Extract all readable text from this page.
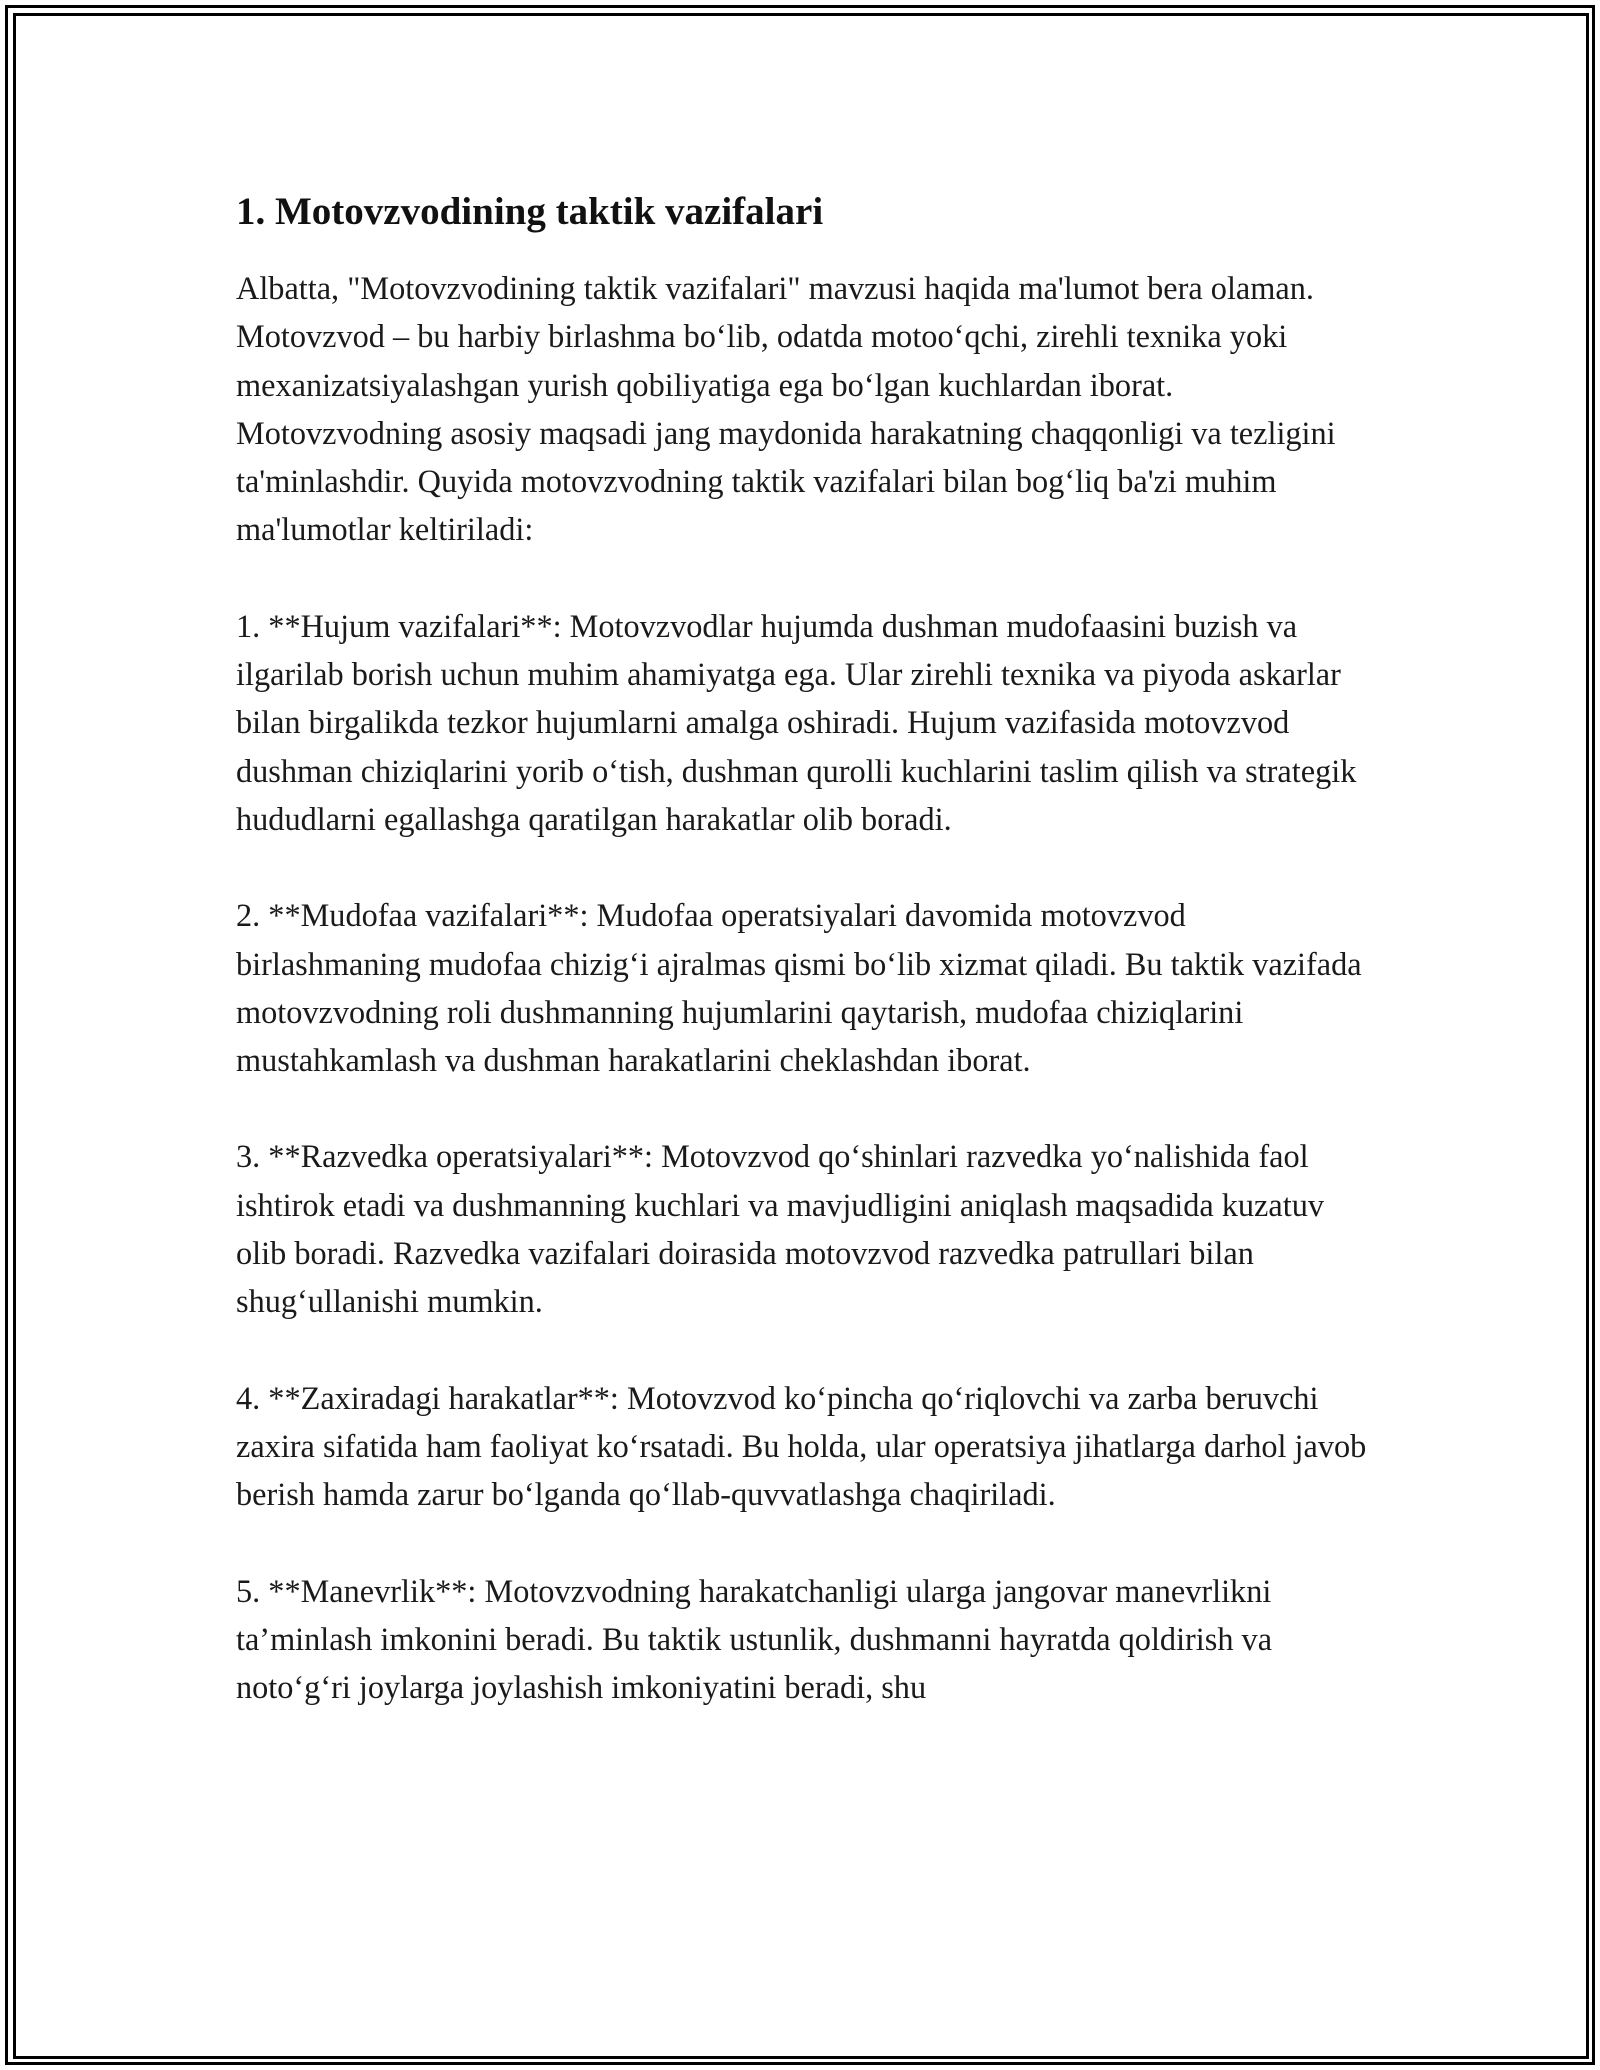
1. Motovzvodining taktik vazifalari

Albatta, "Motovzvodining taktik vazifalari" mavzusi haqida ma'lumot bera olaman. Motovzvod – bu harbiy birlashma bo‘lib, odatda motoo‘qchi, zirehli texnika yoki mexanizatsiyalashgan yurish qobiliyatiga ega bo‘lgan kuchlardan iborat. Motovzvodning asosiy maqsadi jang maydonida harakatning chaqqonligi va tezligini ta'minlashdir. Quyida motovzvodning taktik vazifalari bilan bog‘liq ba'zi muhim ma'lumotlar keltiriladi:

1. **Hujum vazifalari**: Motovzvodlar hujumda dushman mudofaasini buzish va ilgarilab borish uchun muhim ahamiyatga ega. Ular zirehli texnika va piyoda askarlar bilan birgalikda tezkor hujumlarni amalga oshiradi. Hujum vazifasida motovzvod dushman chiziqlarini yorib o‘tish, dushman qurolli kuchlarini taslim qilish va strategik hududlarni egallashga qaratilgan harakatlar olib boradi.

2. **Mudofaa vazifalari**: Mudofaa operatsiyalari davomida motovzvod birlashmaning mudofaa chizig‘i ajralmas qismi bo‘lib xizmat qiladi. Bu taktik vazifada motovzvodning roli dushmanning hujumlarini qaytarish, mudofaa chiziqlarini mustahkamlash va dushman harakatlarini cheklashdan iborat.

3. **Razvedka operatsiyalari**: Motovzvod qo‘shinlari razvedka yo‘nalishida faol ishtirok etadi va dushmanning kuchlari va mavjudligini aniqlash maqsadida kuzatuv olib boradi. Razvedka vazifalari doirasida motovzvod razvedka patrullari bilan shug‘ullanishi mumkin.

4. **Zaxiradagi harakatlar**: Motovzvod ko‘pincha qo‘riqlovchi va zarba beruvchi zaxira sifatida ham faoliyat ko‘rsatadi. Bu holda, ular operatsiya jihatlarga darhol javob berish hamda zarur bo‘lganda qo‘llab-quvvatlashga chaqiriladi.

5. **Manevrlik**: Motovzvodning harakatchanligi ularga jangovar manevrlikni ta’minlash imkonini beradi. Bu taktik ustunlik, dushmanni hayratda qoldirish va noto‘g‘ri joylarga joylashish imkoniyatini beradi, shu
